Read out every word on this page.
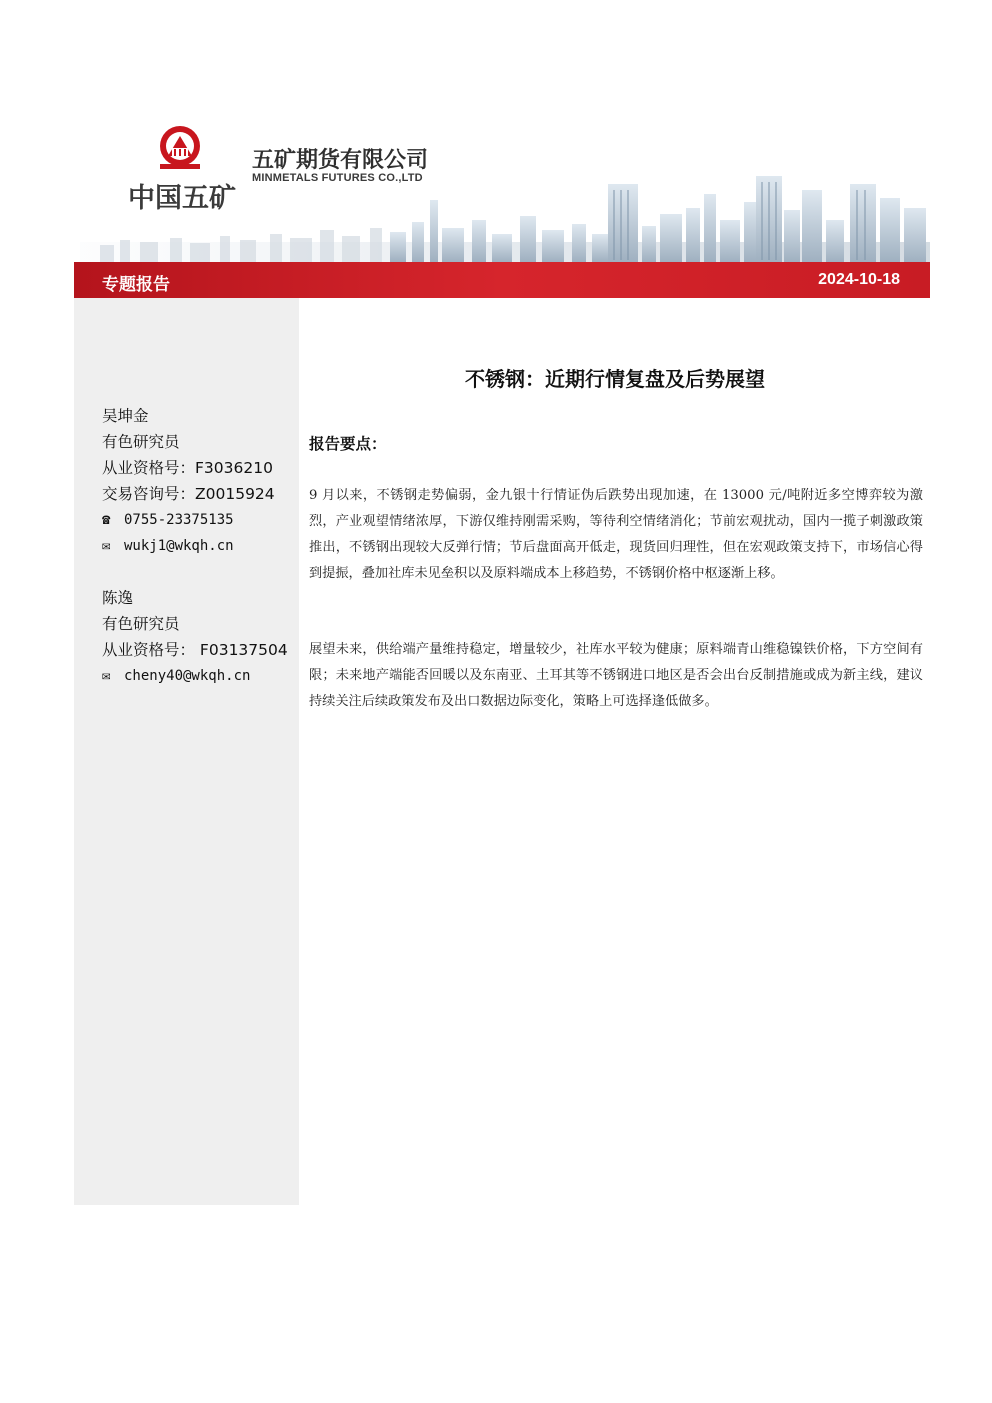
中国五矿
五矿期货有限公司
MINMETALS FUTURES CO.,LTD
专题报告	2024-10-18
吴坤金
有色研究员
从业资格号：F3036210
交易咨询号：Z0015924
☎ 0755-23375135
✉ wukj1@wkqh.cn
陈逸
有色研究员
从业资格号： F03137504
✉ cheny40@wkqh.cn
不锈钢：近期行情复盘及后势展望
报告要点：

9 月以来，不锈钢走势偏弱，金九银十行情证伪后跌势出现加速，在 13000 元/吨附近多空博弈较为激烈，产业观望情绪浓厚，下游仅维持刚需采购，等待利空情绪消化；节前宏观扰动，国内一揽子刺激政策推出，不锈钢出现较大反弹行情；节后盘面高开低走，现货回归理性，但在宏观政策支持下，市场信心得到提振，叠加社库未见垒积以及原料端成本上移趋势，不锈钢价格中枢逐渐上移。

展望未来，供给端产量维持稳定，增量较少，社库水平较为健康；原料端青山维稳镍铁价格，下方空间有限；未来地产端能否回暖以及东南亚、土耳其等不锈钢进口地区是否会出台反制措施或成为新主线，建议持续关注后续政策发布及出口数据边际变化，策略上可选择逢低做多。
